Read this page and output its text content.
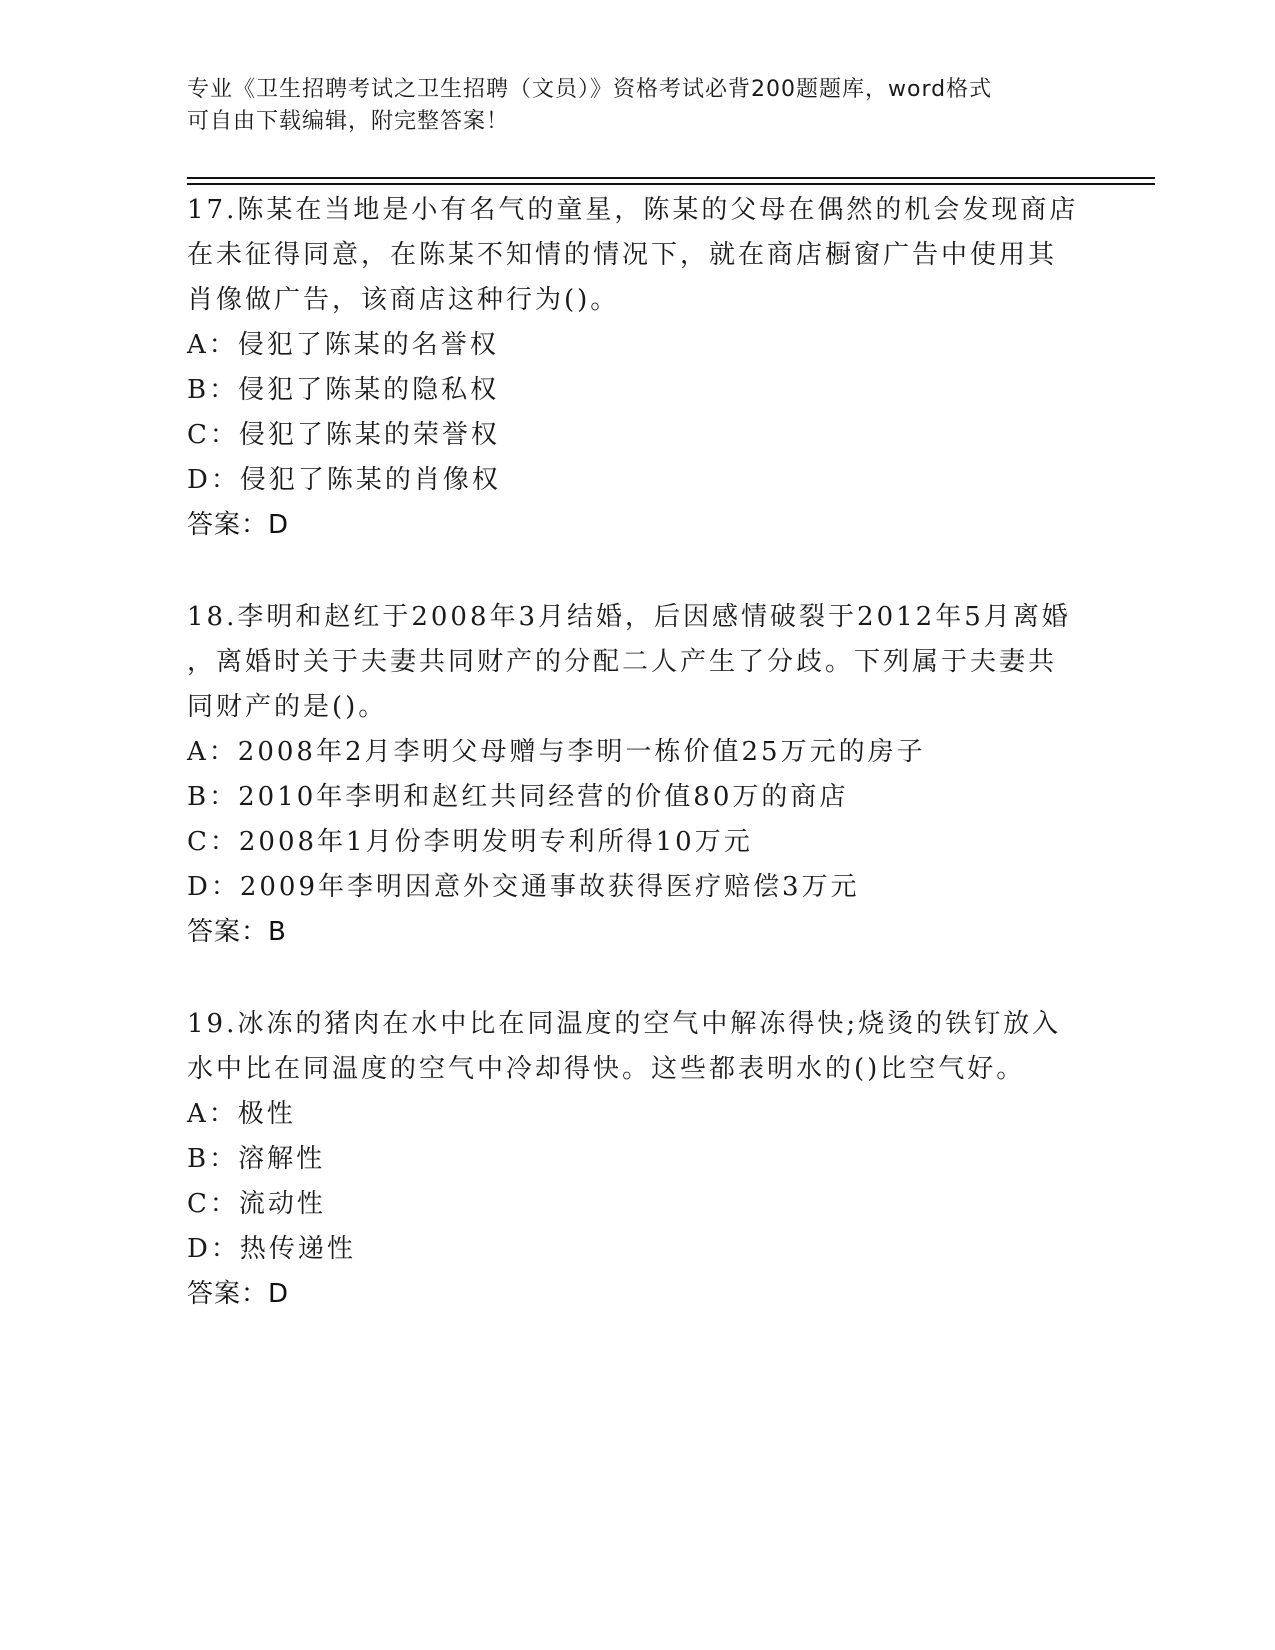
专业《卫生招聘考试之卫生招聘（文员）》资格考试必背200题题库，word格式
可自由下载编辑，附完整答案！

17.陈某在当地是小有名气的童星，陈某的父母在偶然的机会发现商店

在未征得同意，在陈某不知情的情况下，就在商店橱窗广告中使用其

肖像做广告，该商店这种行为()。

A：侵犯了陈某的名誉权

B：侵犯了陈某的隐私权

C：侵犯了陈某的荣誉权

D：侵犯了陈某的肖像权

答案：D

18.李明和赵红于2008年3月结婚，后因感情破裂于2012年5月离婚

，离婚时关于夫妻共同财产的分配二人产生了分歧。下列属于夫妻共

同财产的是()。

A：2008年2月李明父母赠与李明一栋价值25万元的房子

B：2010年李明和赵红共同经营的价值80万的商店

C：2008年1月份李明发明专利所得10万元

D：2009年李明因意外交通事故获得医疗赔偿3万元

答案：B

19.冰冻的猪肉在水中比在同温度的空气中解冻得快;烧烫的铁钉放入

水中比在同温度的空气中冷却得快。这些都表明水的()比空气好。

A：极性

B：溶解性

C：流动性

D：热传递性

答案：D
